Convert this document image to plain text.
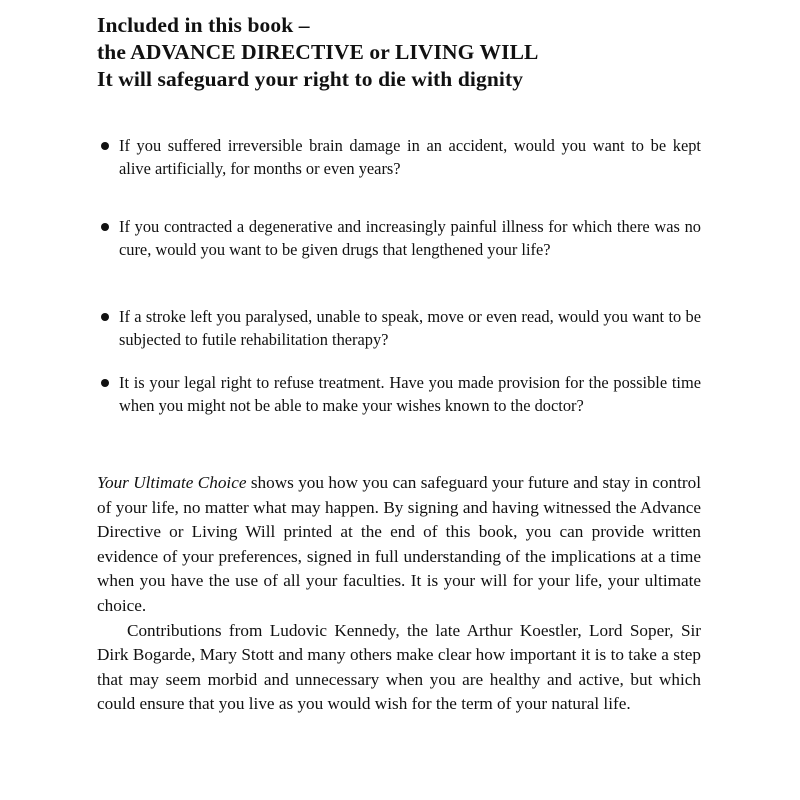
Included in this book –
the ADVANCE DIRECTIVE or LIVING WILL
It will safeguard your right to die with dignity
If you suffered irreversible brain damage in an accident, would you want to be kept alive artificially, for months or even years?
If you contracted a degenerative and increasingly painful illness for which there was no cure, would you want to be given drugs that lengthened your life?
If a stroke left you paralysed, unable to speak, move or even read, would you want to be subjected to futile rehabilitation therapy?
It is your legal right to refuse treatment. Have you made provision for the possible time when you might not be able to make your wishes known to the doctor?

Your Ultimate Choice shows you how you can safeguard your future and stay in control of your life, no matter what may happen. By signing and having witnessed the Advance Directive or Living Will printed at the end of this book, you can provide written evidence of your preferences, signed in full understanding of the implications at a time when you have the use of all your faculties. It is your will for your life, your ultimate choice.

Contributions from Ludovic Kennedy, the late Arthur Koestler, Lord Soper, Sir Dirk Bogarde, Mary Stott and many others make clear how important it is to take a step that may seem morbid and unnecessary when you are healthy and active, but which could ensure that you live as you would wish for the term of your natural life.
